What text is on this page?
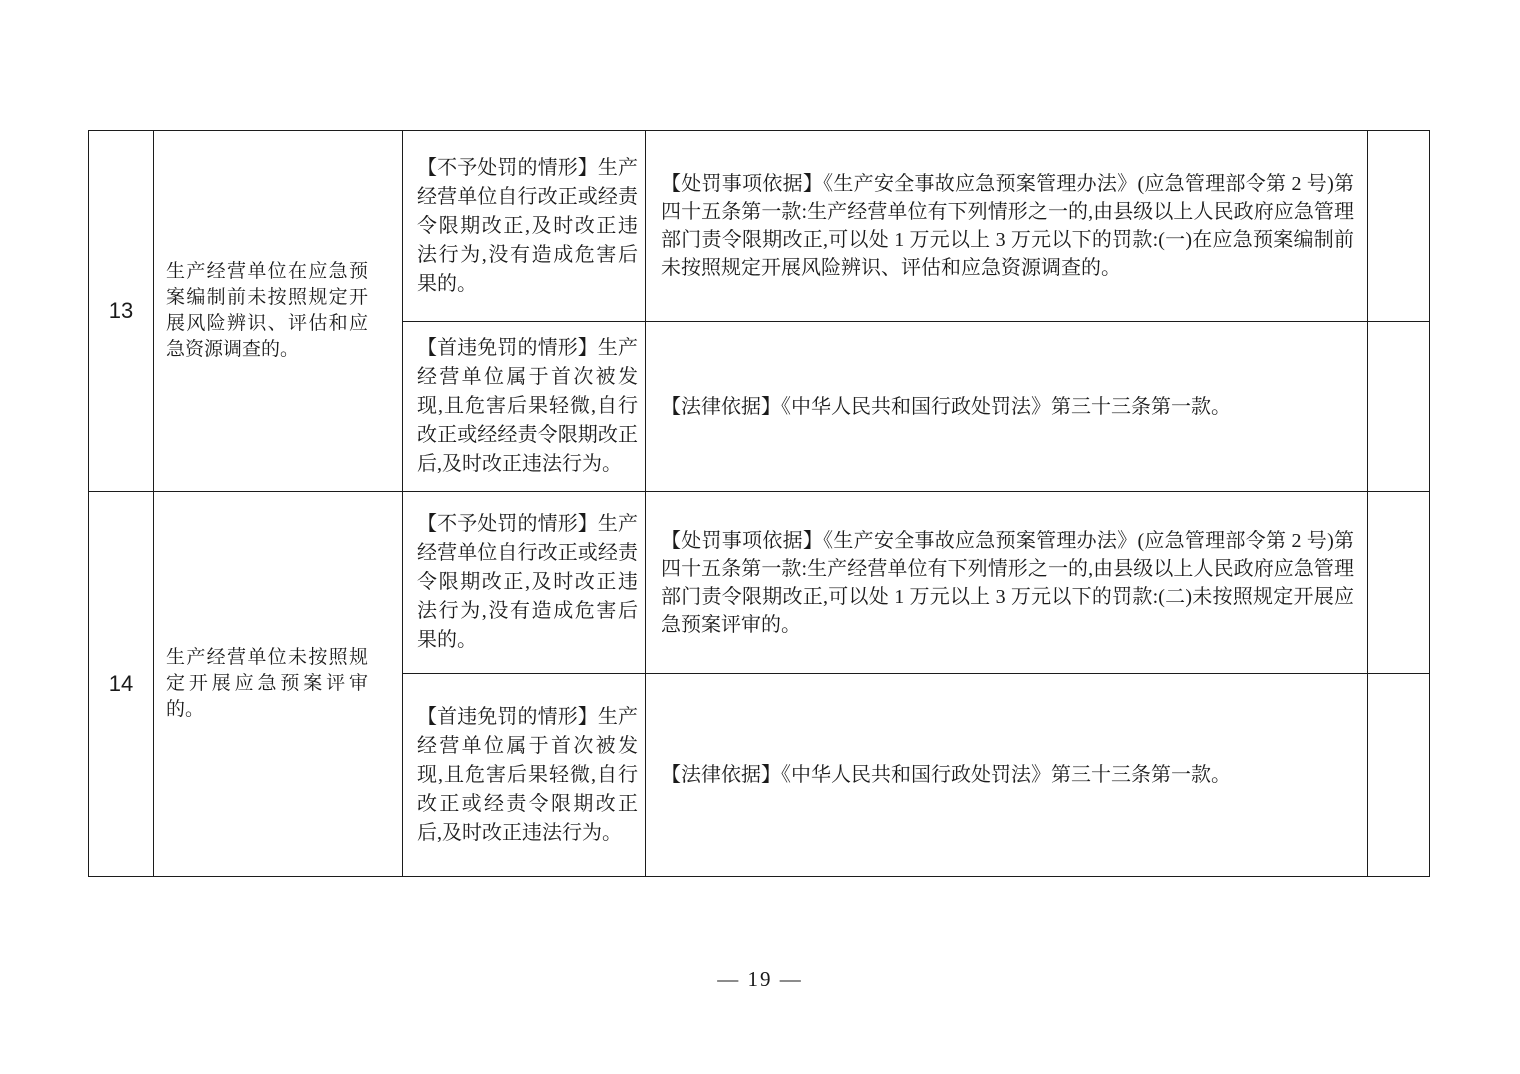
13

生产经营单位在应急预案编制前未按照规定开展风险辨识、评估和应急资源调查的。

【不予处罚的情形】生产经营单位自行改正或经责令限期改正,及时改正违法行为,没有造成危害后果的。

【处罚事项依据】《生产安全事故应急预案管理办法》(应急管理部令第 2 号)第四十五条第一款:生产经营单位有下列情形之一的,由县级以上人民政府应急管理部门责令限期改正,可以处 1 万元以上 3 万元以下的罚款:(一)在应急预案编制前未按照规定开展风险辨识、评估和应急资源调查的。

【首违免罚的情形】生产经营单位属于首次被发现,且危害后果轻微,自行改正或经经责令限期改正后,及时改正违法行为。

【法律依据】《中华人民共和国行政处罚法》第三十三条第一款。

14

生产经营单位未按照规定开展应急预案评审的。

【不予处罚的情形】生产经营单位自行改正或经责令限期改正,及时改正违法行为,没有造成危害后果的。

【处罚事项依据】《生产安全事故应急预案管理办法》(应急管理部令第 2 号)第四十五条第一款:生产经营单位有下列情形之一的,由县级以上人民政府应急管理部门责令限期改正,可以处 1 万元以上 3 万元以下的罚款:(二)未按照规定开展应急预案评审的。

【首违免罚的情形】生产经营单位属于首次被发现,且危害后果轻微,自行改正或经责令限期改正后,及时改正违法行为。

【法律依据】《中华人民共和国行政处罚法》第三十三条第一款。

— 19 —
